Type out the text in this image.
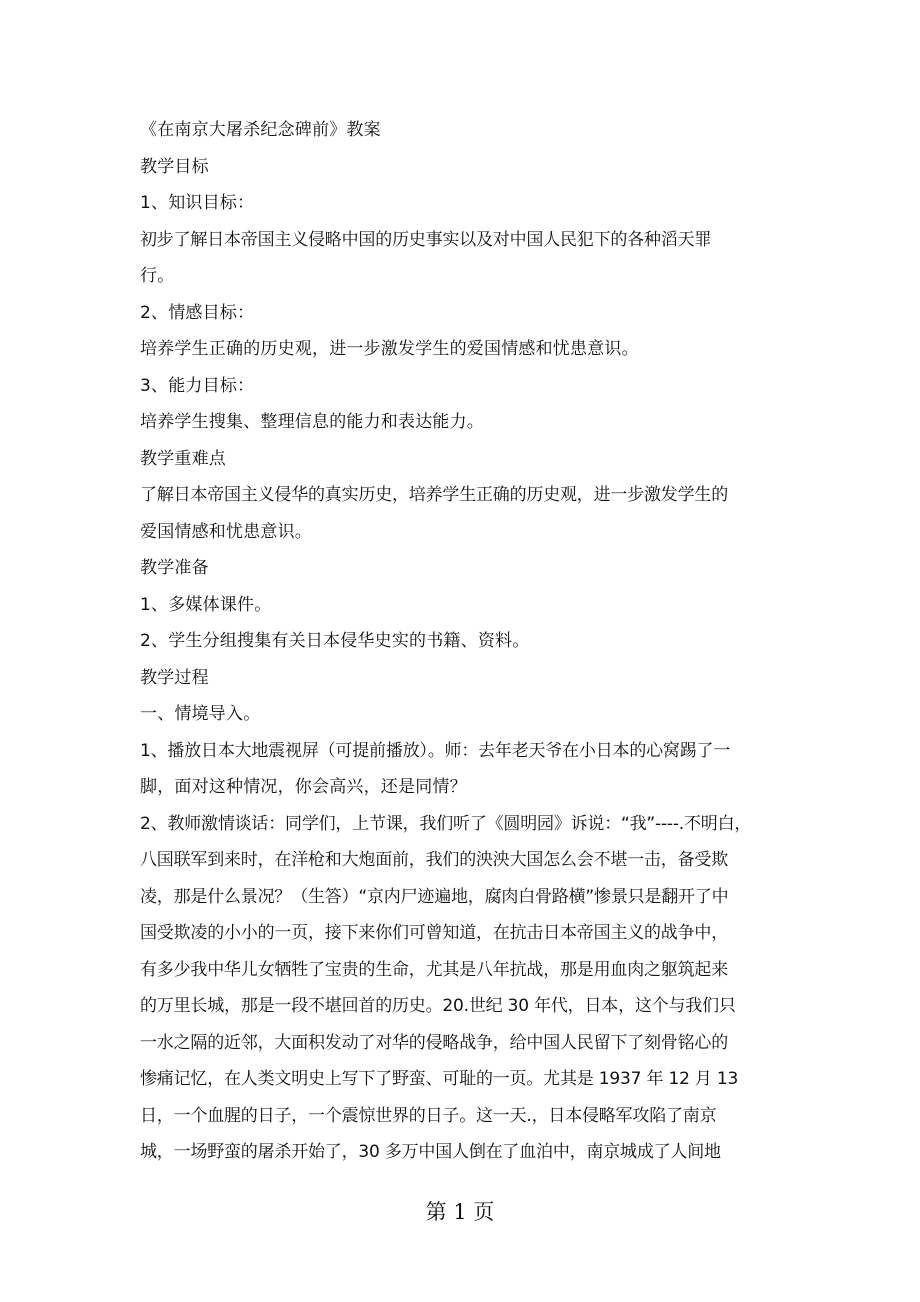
《在南京大屠杀纪念碑前》教案
教学目标
1、知识目标：
初步了解日本帝国主义侵略中国的历史事实以及对中国人民犯下的各种滔天罪
行。
2、情感目标：
培养学生正确的历史观，进一步激发学生的爱国情感和忧患意识。
3、能力目标：
培养学生搜集、整理信息的能力和表达能力。
教学重难点
了解日本帝国主义侵华的真实历史，培养学生正确的历史观，进一步激发学生的
爱国情感和忧患意识。
教学准备
1、多媒体课件。
2、学生分组搜集有关日本侵华史实的书籍、资料。
教学过程
一、情境导入。
1、播放日本大地震视屏（可提前播放）。师：去年老天爷在小日本的心窝踢了一
脚，面对这种情况，你会高兴，还是同情？
2、教师激情谈话：同学们，上节课，我们听了《圆明园》诉说：“我”----.不明白，
八国联军到来时，在洋枪和大炮面前，我们的泱泱大国怎么会不堪一击，备受欺
凌，那是什么景况？（生答）“京内尸迹遍地，腐肉白骨路横”惨景只是翻开了中
国受欺凌的小小的一页，接下来你们可曾知道，在抗击日本帝国主义的战争中，
有多少我中华儿女牺牲了宝贵的生命，尤其是八年抗战，那是用血肉之躯筑起来
的万里长城，那是一段不堪回首的历史。20.世纪 30 年代，日本，这个与我们只
一水之隔的近邻，大面积发动了对华的侵略战争，给中国人民留下了刻骨铭心的
惨痛记忆，在人类文明史上写下了野蛮、可耻的一页。尤其是 1937 年 12 月 13
日，一个血腥的日子，一个震惊世界的日子。这一天.，日本侵略军攻陷了南京
城，一场野蛮的屠杀开始了，30 多万中国人倒在了血泊中，南京城成了人间地
第 1 页
